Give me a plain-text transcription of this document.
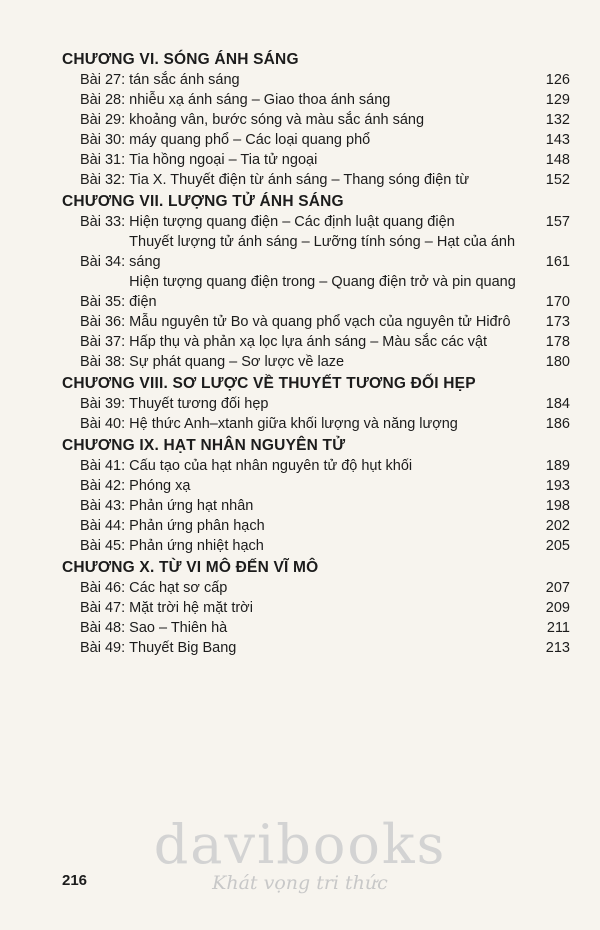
CHƯƠNG VI. SÓNG ÁNH SÁNG
Bài 27: tán sắc ánh sáng	126
Bài 28: nhiễu xạ ánh sáng – Giao thoa ánh sáng	129
Bài 29: khoảng vân, bước sóng và màu sắc ánh sáng	132
Bài 30: máy quang phổ – Các loại quang phổ	143
Bài 31: Tia hồng ngoại – Tia tử ngoại	148
Bài 32: Tia X. Thuyết điện từ ánh sáng – Thang sóng điện từ	152
CHƯƠNG VII. LƯỢNG TỬ ÁNH SÁNG
Bài 33: Hiện tượng quang điện – Các định luật quang điện	157
Bài 34:
Thuyết lượng tử ánh sáng – Lưỡng tính sóng – Hạt của ánh sáng	161
Bài 35:
Hiện tượng quang điện trong – Quang điện trở và pin quang điện	170
Bài 36: Mẫu nguyên tử Bo và quang phổ vạch của nguyên tử Hiđrô	173
Bài 37: Hấp thụ và phản xạ lọc lựa ánh sáng – Màu sắc các vật	178
Bài 38: Sự phát quang – Sơ lược về laze	180
CHƯƠNG VIII. SƠ LƯỢC VỀ THUYẾT TƯƠNG ĐỐI HẸP
Bài 39: Thuyết tương đối hẹp	184
Bài 40: Hệ thức Anh–xtanh giữa khối lượng và năng lượng	186
CHƯƠNG IX. HẠT NHÂN NGUYÊN TỬ
Bài 41: Cấu tạo của hạt nhân nguyên tử độ hụt khối	189
Bài 42: Phóng xạ	193
Bài 43: Phản ứng hạt nhân	198
Bài 44: Phản ứng phân hạch	202
Bài 45: Phản ứng nhiệt hạch	205
CHƯƠNG X. TỪ VI MÔ ĐẾN VĨ MÔ
Bài 46: Các hạt sơ cấp	207
Bài 47: Mặt trời hệ mặt trời	209
Bài 48: Sao – Thiên hà	211
Bài 49: Thuyết Big Bang	213
216
davibooks
Khát vọng tri thức
